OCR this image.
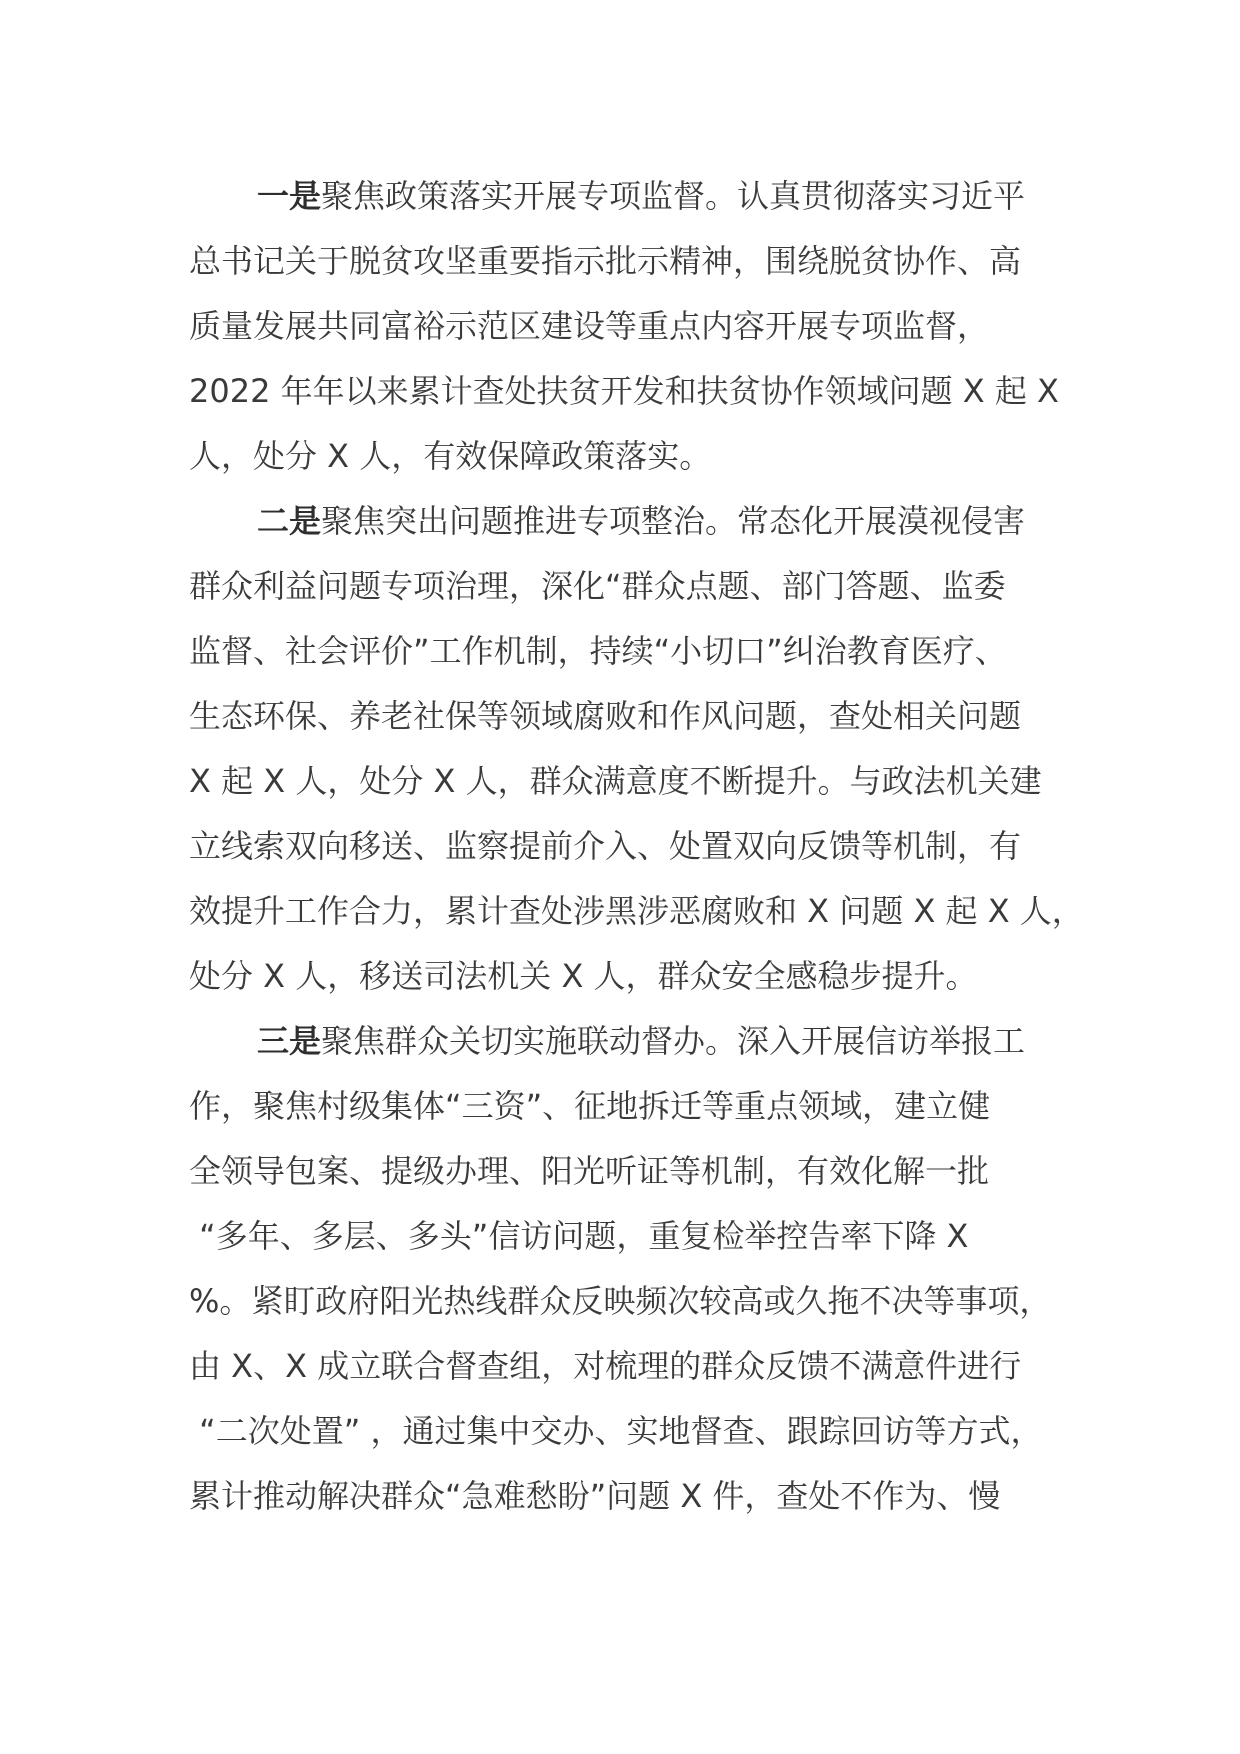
一是聚焦政策落实开展专项监督。认真贯彻落实习近平
总书记关于脱贫攻坚重要指示批示精神，围绕脱贫协作、高
质量发展共同富裕示范区建设等重点内容开展专项监督，
2022 年年以来累计查处扶贫开发和扶贫协作领域问题 X 起 X
人，处分 X 人，有效保障政策落实。
二是聚焦突出问题推进专项整治。常态化开展漠视侵害
群众利益问题专项治理，深化“群众点题、部门答题、监委
监督、社会评价”工作机制，持续“小切口”纠治教育医疗、
生态环保、养老社保等领域腐败和作风问题，查处相关问题
X 起 X 人，处分 X 人，群众满意度不断提升。与政法机关建
立线索双向移送、监察提前介入、处置双向反馈等机制，有
效提升工作合力，累计查处涉黑涉恶腐败和 X 问题 X 起 X 人，
处分 X 人，移送司法机关 X 人，群众安全感稳步提升。
三是聚焦群众关切实施联动督办。深入开展信访举报工
作，聚焦村级集体“三资”、征地拆迁等重点领域，建立健
全领导包案、提级办理、阳光听证等机制，有效化解一批
“多年、多层、多头”信访问题，重复检举控告率下降 X
%。紧盯政府阳光热线群众反映频次较高或久拖不决等事项，
由 X、X 成立联合督查组，对梳理的群众反馈不满意件进行
“二次处置” ，通过集中交办、实地督查、跟踪回访等方式，
累计推动解决群众“急难愁盼”问题 X 件，查处不作为、慢
